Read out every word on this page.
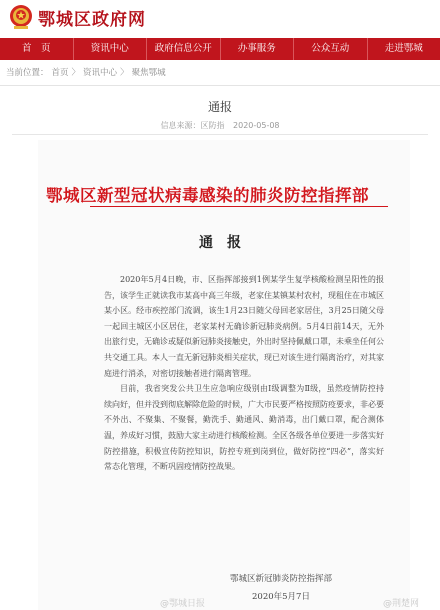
鄂城区政府网
首　页	资讯中心	政府信息公开	办事服务	公众互动	走进鄂城
当前位置： 首页 〉 资讯中心 〉 聚焦鄂城
通报
信息来源：区防指 2020-05-08
鄂城区新型冠状病毒感染的肺炎防控指挥部
通报

2020年5月4日晚，市、区指挥部接到1例某学生复学核酸检测呈阳性的报告，该学生正就读我市某高中高三年级，老家住某镇某村农村，现租住在市城区某小区。经市疾控部门流调，该生1月23日随父母回老家居住，3月25日随父母一起回主城区小区居住，老家某村无确诊新冠肺炎病例。5月4日前14天，无外出旅行史，无确诊或疑似新冠肺炎接触史，外出时坚持佩戴口罩，未乘坐任何公共交通工具。本人一直无新冠肺炎相关症状，现已对该生进行隔离治疗，对其家庭进行消杀，对密切接触者进行隔离管理。

目前，我省突发公共卫生应急响应级别由Ⅰ级调整为Ⅱ级，虽然疫情防控持续向好，但并没到彻底解除危险的时候，广大市民要严格按照防疫要求，非必要不外出、不聚集、不聚餐，勤洗手、勤通风、勤消毒，出门戴口罩，配合测体温，养成好习惯，鼓励大家主动进行核酸检测。全区各级各单位要进一步落实好防控措施，积极宣传防控知识，防控专班到岗到位，做好防控“四必”，落实好常态化管理，不断巩固疫情防控战果。

鄂城区新冠肺炎防控指挥部
2020年5月7日
@鄂城日报	@荆楚网
